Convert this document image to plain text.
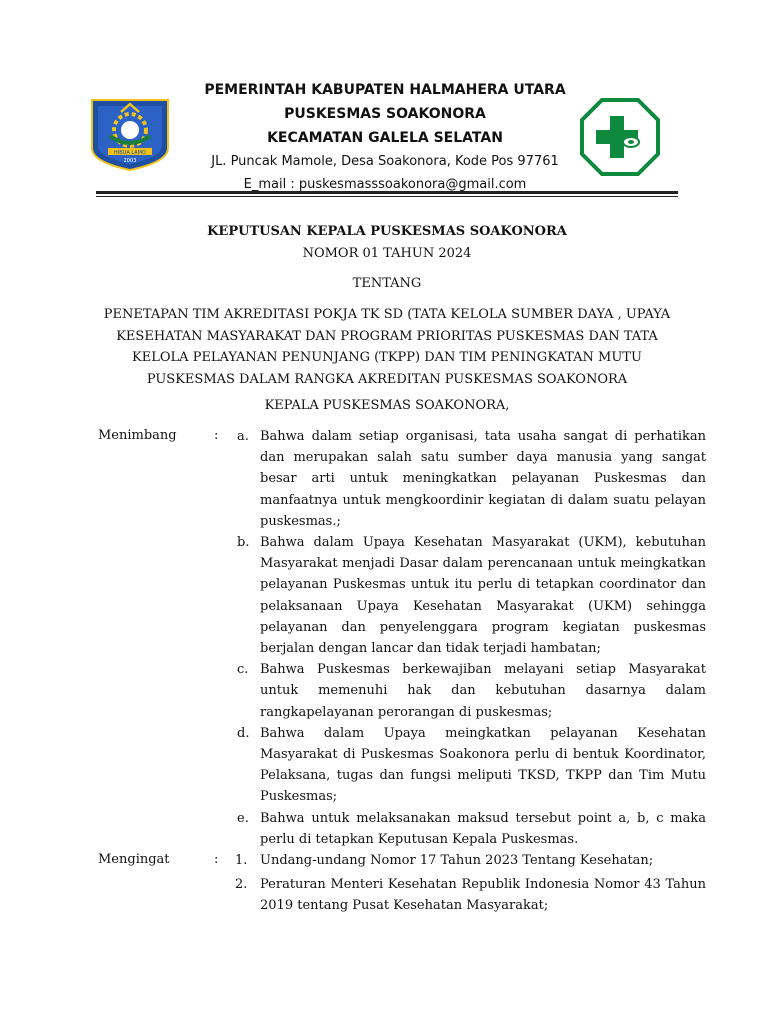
HIBUA LAMO
2003
PEMERINTAH KABUPATEN HALMAHERA UTARA
PUSKESMAS SOAKONORA
KECAMATAN GALELA SELATAN
JL. Puncak Mamole, Desa Soakonora, Kode Pos 97761
E_mail : puskesmasssoakonora@gmail.com
KEPUTUSAN KEPALA PUSKESMAS SOAKONORA
NOMOR 01 TAHUN 2024
TENTANG
PENETAPAN TIM AKREDITASI POKJA TK SD (TATA KELOLA SUMBER DAYA , UPAYA
KESEHATAN MASYARAKAT DAN PROGRAM PRIORITAS PUSKESMAS DAN TATA
KELOLA PELAYANAN PENUNJANG (TKPP) DAN TIM PENINGKATAN MUTU
PUSKESMAS DALAM RANGKA AKREDITAN PUSKESMAS SOAKONORA
KEPALA PUSKESMAS SOAKONORA,
Menimbang	: a. Bahwa dalam setiap organisasi, tata usaha sangat di perhatikan dan merupakan salah satu sumber daya manusia yang sangat besar arti untuk meningkatkan pelayanan Puskesmas dan manfaatnya untuk mengkoordinir kegiatan di dalam suatu pelayan puskesmas.;
b. Bahwa dalam Upaya Kesehatan Masyarakat (UKM), kebutuhan Masyarakat menjadi Dasar dalam perencanaan untuk meingkatkan pelayanan Puskesmas untuk itu perlu di tetapkan coordinator dan pelaksanaan Upaya Kesehatan Masyarakat (UKM) sehingga pelayanan dan penyelenggara program kegiatan puskesmas berjalan dengan lancar dan tidak terjadi hambatan;
c. Bahwa Puskesmas berkewajiban melayani setiap Masyarakat untuk memenuhi hak dan kebutuhan dasarnya dalam rangkapelayanan perorangan di puskesmas;
d. Bahwa dalam Upaya meingkatkan pelayanan Kesehatan Masyarakat di Puskesmas Soakonora perlu di bentuk Koordinator, Pelaksana, tugas dan fungsi meliputi TKSD, TKPP dan Tim Mutu Puskesmas;
e. Bahwa untuk melaksanakan maksud tersebut point a, b, c maka perlu di tetapkan Keputusan Kepala Puskesmas.
Mengingat	: 1. Undang-undang Nomor 17 Tahun 2023 Tentang Kesehatan;
2. Peraturan Menteri Kesehatan Republik Indonesia Nomor 43 Tahun 2019 tentang Pusat Kesehatan Masyarakat;
